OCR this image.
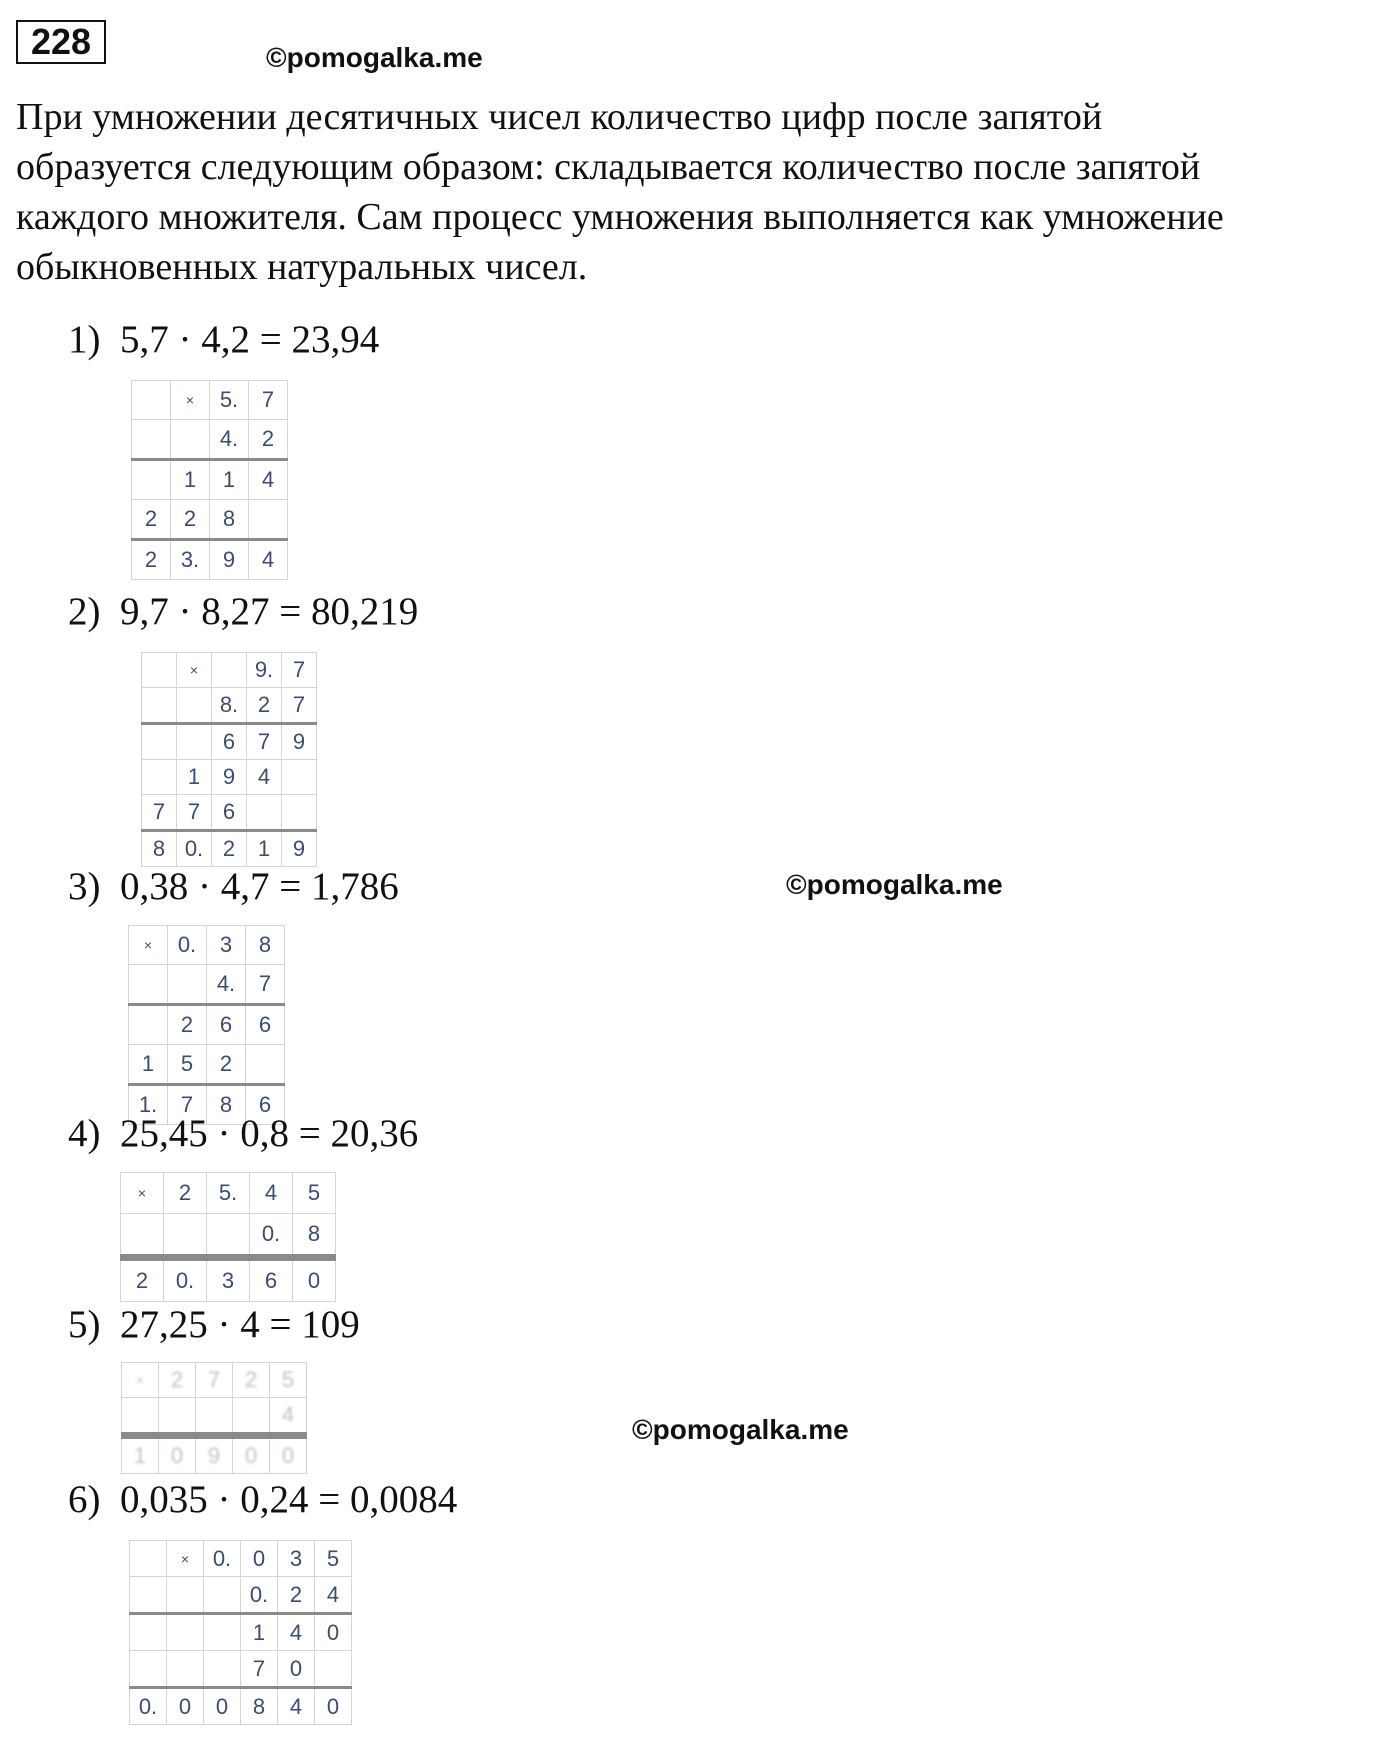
228	©pomogalka.me

При умножении десятичных чисел количество цифр после запятой
образуется следующим образом: складывается количество после запятой
каждого множителя. Сам процесс умножения выполняется как умножение
обыкновенных натуральных чисел.

1) 5,7 · 4,2 = 23,94
	×	5.	7
		4.	2
	1	1	4
2	2	8	
2	3.	9	4
2) 9,7 · 8,27 = 80,219
	×		9.	7
		8.	2	7
		6	7	9
	1	9	4	
7	7	6		
8	0.	2	1	9
3) 0,38 · 4,7 = 1,786	©pomogalka.me
×	0.	3	8
		4.	7
	2	6	6
1	5	2	
1.	7	8	6
4) 25,45 · 0,8 = 20,36
×	2	5.	4	5
			0.	8
2	0.	3	6	0
5) 27,25 · 4 = 109
×	2	7	2	5
				4
1	0	9	0	0
©pomogalka.me
6) 0,035 · 0,24 = 0,0084
	×	0.	0	3	5
			0.	2	4
			1	4	0
			7	0	
0.	0	0	8	4	0
